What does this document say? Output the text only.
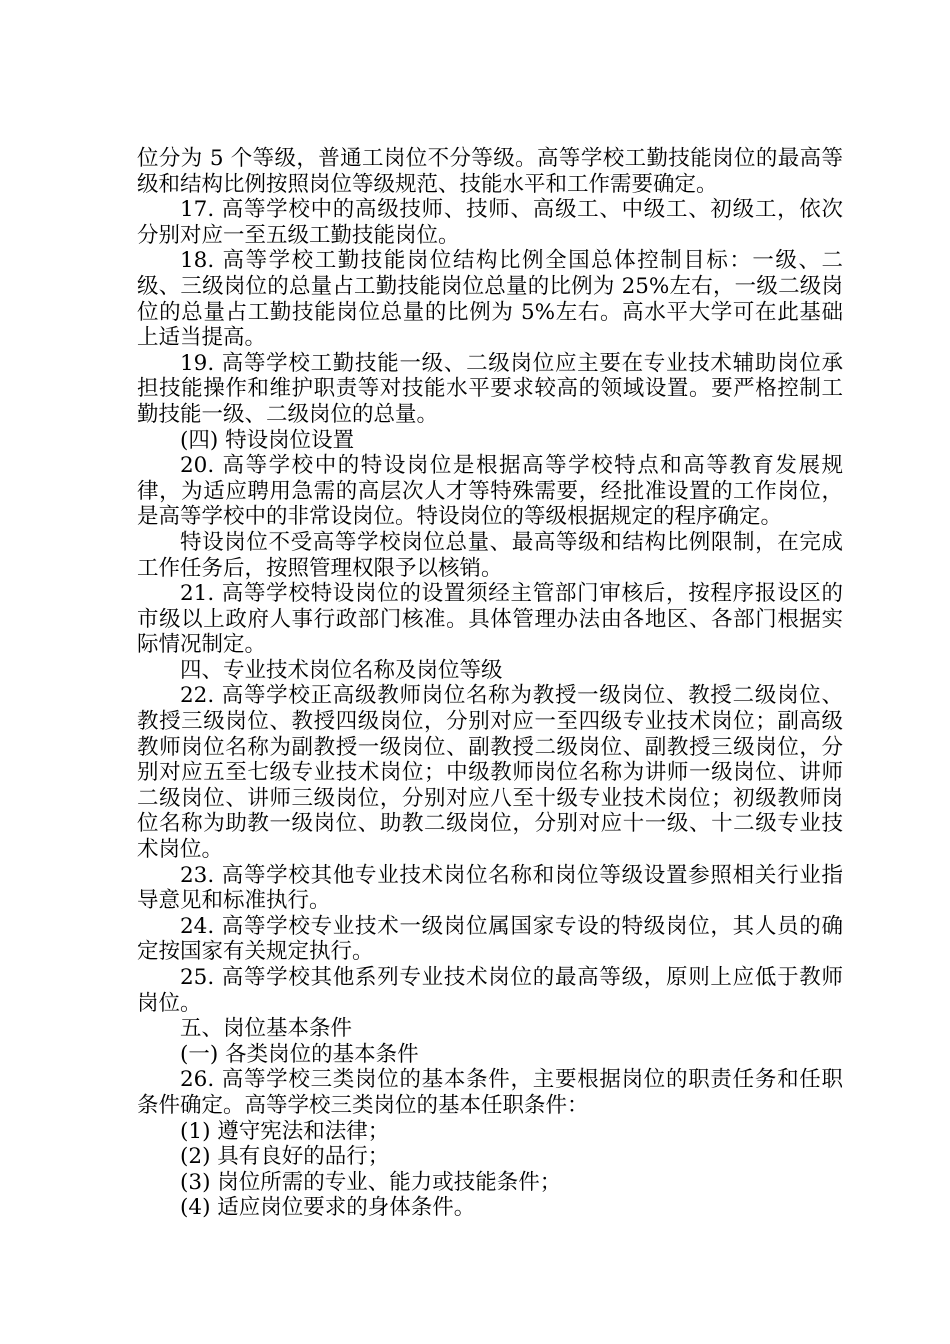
位分为 5 个等级，普通工岗位不分等级。高等学校工勤技能岗位的最高等级和结构比例按照岗位等级规范、技能水平和工作需要确定。

17. 高等学校中的高级技师、技师、高级工、中级工、初级工，依次分别对应一至五级工勤技能岗位。

18. 高等学校工勤技能岗位结构比例全国总体控制目标：一级、二级、三级岗位的总量占工勤技能岗位总量的比例为 25%左右，一级二级岗位的总量占工勤技能岗位总量的比例为 5%左右。高水平大学可在此基础上适当提高。

19. 高等学校工勤技能一级、二级岗位应主要在专业技术辅助岗位承担技能操作和维护职责等对技能水平要求较高的领域设置。要严格控制工勤技能一级、二级岗位的总量。

(四) 特设岗位设置

20. 高等学校中的特设岗位是根据高等学校特点和高等教育发展规律，为适应聘用急需的高层次人才等特殊需要，经批准设置的工作岗位，是高等学校中的非常设岗位。特设岗位的等级根据规定的程序确定。

特设岗位不受高等学校岗位总量、最高等级和结构比例限制，在完成工作任务后，按照管理权限予以核销。

21. 高等学校特设岗位的设置须经主管部门审核后，按程序报设区的市级以上政府人事行政部门核准。具体管理办法由各地区、各部门根据实际情况制定。

四、专业技术岗位名称及岗位等级

22. 高等学校正高级教师岗位名称为教授一级岗位、教授二级岗位、教授三级岗位、教授四级岗位，分别对应一至四级专业技术岗位；副高级教师岗位名称为副教授一级岗位、副教授二级岗位、副教授三级岗位，分别对应五至七级专业技术岗位；中级教师岗位名称为讲师一级岗位、讲师二级岗位、讲师三级岗位，分别对应八至十级专业技术岗位；初级教师岗位名称为助教一级岗位、助教二级岗位，分别对应十一级、十二级专业技术岗位。

23. 高等学校其他专业技术岗位名称和岗位等级设置参照相关行业指导意见和标准执行。

24. 高等学校专业技术一级岗位属国家专设的特级岗位，其人员的确定按国家有关规定执行。

25. 高等学校其他系列专业技术岗位的最高等级，原则上应低于教师岗位。

五、岗位基本条件

(一) 各类岗位的基本条件

26. 高等学校三类岗位的基本条件，主要根据岗位的职责任务和任职条件确定。高等学校三类岗位的基本任职条件：

(1) 遵守宪法和法律；

(2) 具有良好的品行；

(3) 岗位所需的专业、能力或技能条件；

(4) 适应岗位要求的身体条件。
